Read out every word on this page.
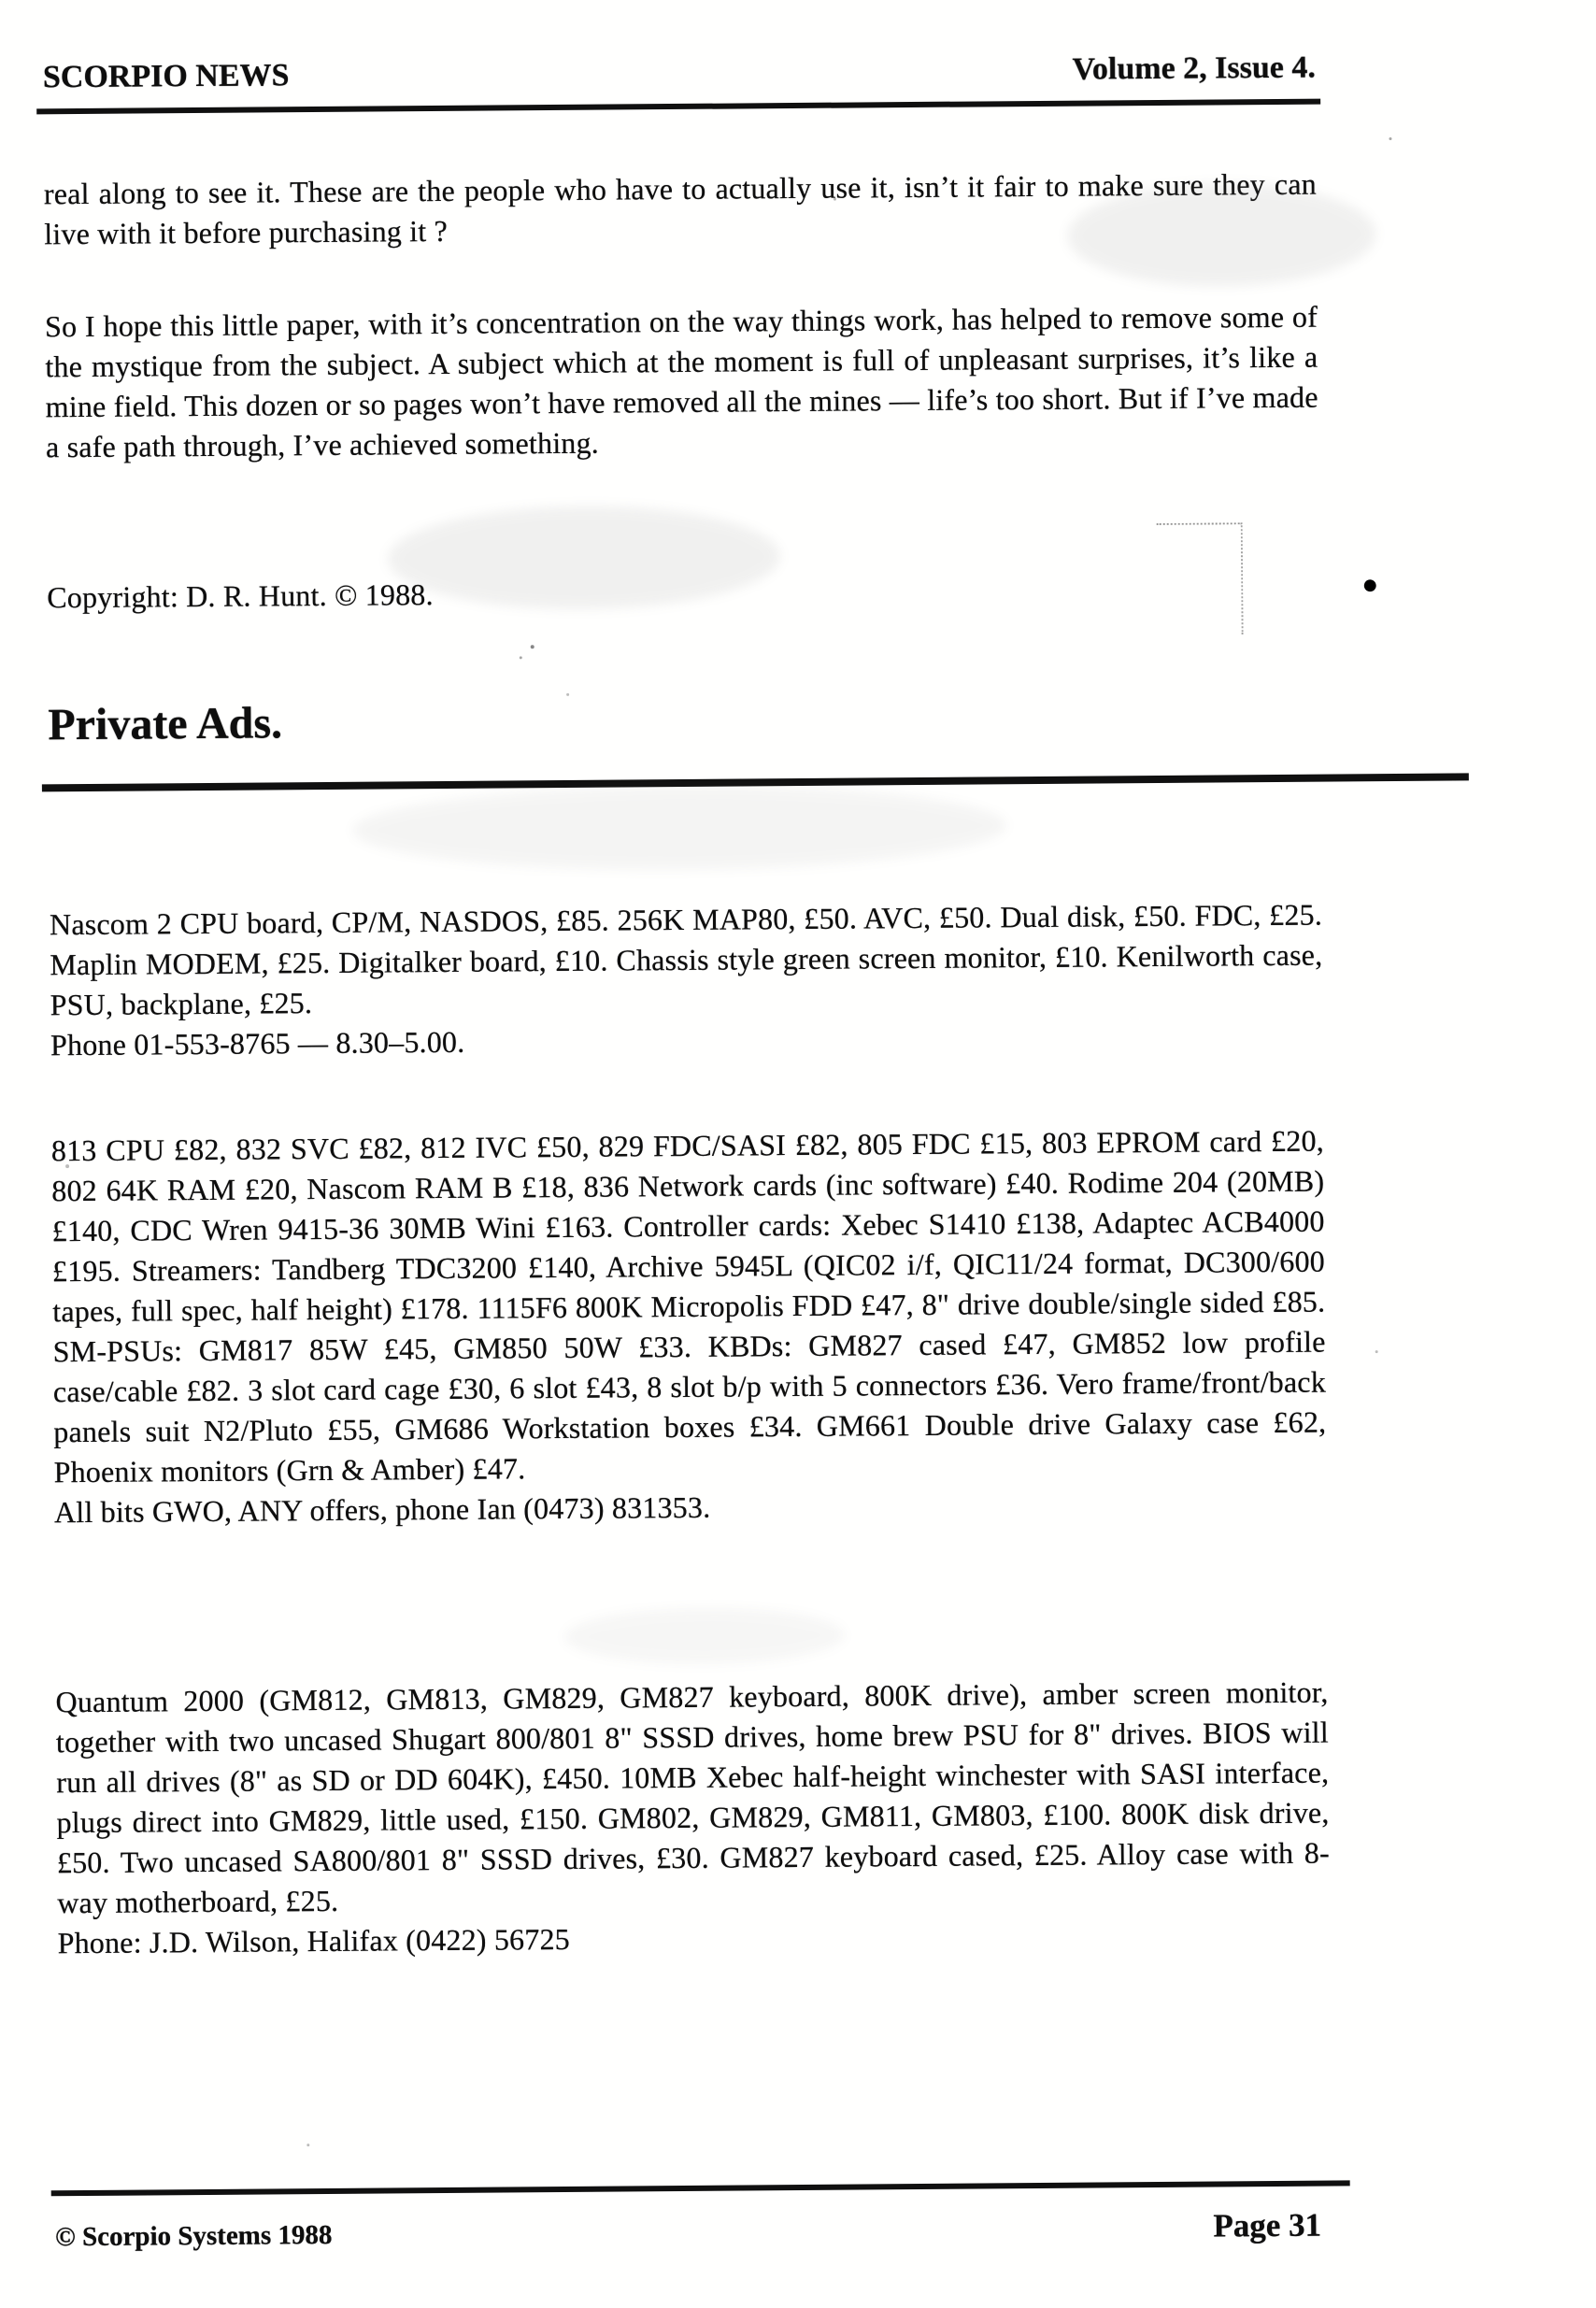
SCORPIO NEWS	Volume 2, Issue 4.
real along to see it. These are the people who have to actually use it, isn’t it fair to make sure they can live with it before purchasing it ?
So I hope this little paper, with it’s concentration on the way things work, has helped to remove some of the mystique from the subject. A subject which at the moment is full of unpleasant surprises, it’s like a mine field. This dozen or so pages won’t have removed all the mines — life’s too short. But if I’ve made a safe path through, I’ve achieved something.
Copyright: D. R. Hunt. © 1988.	●
Private Ads.
Nascom 2 CPU board, CP/M, NASDOS, £85. 256K MAP80, £50. AVC, £50. Dual disk, £50. FDC, £25. Maplin MODEM, £25. Digitalker board, £10. Chassis style green screen monitor, £10. Kenilworth case, PSU, backplane, £25.
Phone 01-553-8765 — 8.30–5.00.
813 CPU £82, 832 SVC £82, 812 IVC £50, 829 FDC/SASI £82, 805 FDC £15, 803 EPROM card £20, 802 64K RAM £20, Nascom RAM B £18, 836 Network cards (inc software) £40. Rodime 204 (20MB) £140, CDC Wren 9415-36 30MB Wini £163. Controller cards: Xebec S1410 £138, Adaptec ACB4000 £195. Streamers: Tandberg TDC3200 £140, Archive 5945L (QIC02 i/f, QIC11/24 format, DC300/600 tapes, full spec, half height) £178. 1115F6 800K Micropolis FDD £47, 8" drive double/single sided £85. SM-PSUs: GM817 85W £45, GM850 50W £33. KBDs: GM827 cased £47, GM852 low profile case/cable £82. 3 slot card cage £30, 6 slot £43, 8 slot b/p with 5 connectors £36. Vero frame/front/back panels suit N2/Pluto £55, GM686 Workstation boxes £34. GM661 Double drive Galaxy case £62, Phoenix monitors (Grn & Amber) £47.
All bits GWO, ANY offers, phone Ian (0473) 831353.
Quantum 2000 (GM812, GM813, GM829, GM827 keyboard, 800K drive), amber screen monitor, together with two uncased Shugart 800/801 8" SSSD drives, home brew PSU for 8" drives. BIOS will run all drives (8" as SD or DD 604K), £450. 10MB Xebec half-height winchester with SASI interface, plugs direct into GM829, little used, £150. GM802, GM829, GM811, GM803, £100. 800K disk drive, £50. Two uncased SA800/801 8" SSSD drives, £30. GM827 keyboard cased, £25. Alloy case with 8-way motherboard, £25.
Phone: J.D. Wilson, Halifax (0422) 56725
© Scorpio Systems 1988	Page 31
